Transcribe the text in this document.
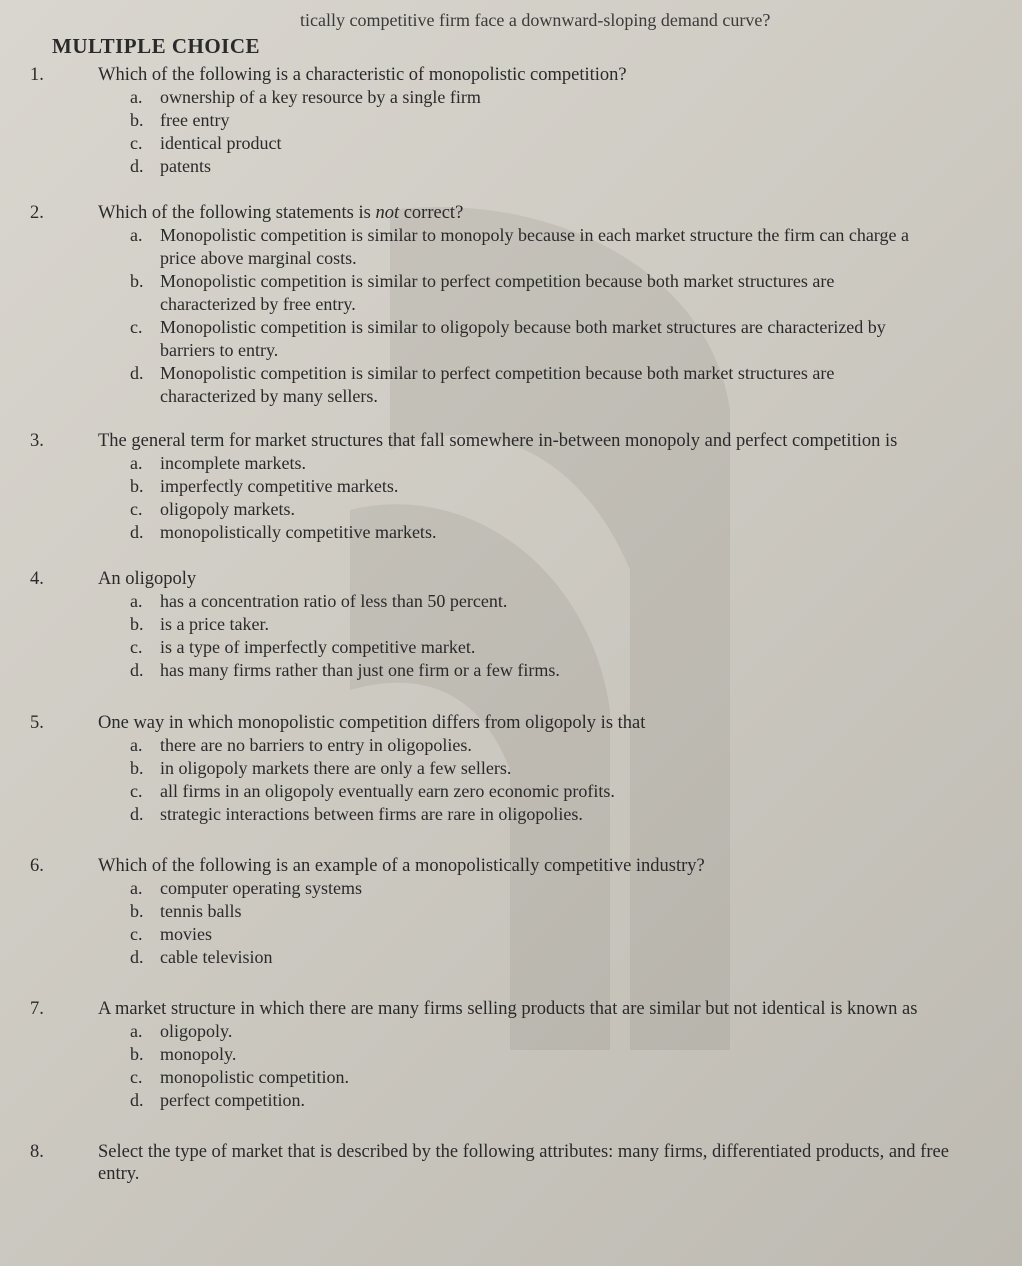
tically competitive firm face a downward-sloping demand curve?
MULTIPLE CHOICE
1.	Which of the following is a characteristic of monopolistic competition?
a. ownership of a key resource by a single firm
b. free entry
c. identical product
d. patents
2.	Which of the following statements is not correct?
a. Monopolistic competition is similar to monopoly because in each market structure the firm can charge a price above marginal costs.
b. Monopolistic competition is similar to perfect competition because both market structures are characterized by free entry.
c. Monopolistic competition is similar to oligopoly because both market structures are characterized by barriers to entry.
d. Monopolistic competition is similar to perfect competition because both market structures are characterized by many sellers.
3.	The general term for market structures that fall somewhere in-between monopoly and perfect competition is
a. incomplete markets.
b. imperfectly competitive markets.
c. oligopoly markets.
d. monopolistically competitive markets.
4.	An oligopoly
a. has a concentration ratio of less than 50 percent.
b. is a price taker.
c. is a type of imperfectly competitive market.
d. has many firms rather than just one firm or a few firms.
5.	One way in which monopolistic competition differs from oligopoly is that
a. there are no barriers to entry in oligopolies.
b. in oligopoly markets there are only a few sellers.
c. all firms in an oligopoly eventually earn zero economic profits.
d. strategic interactions between firms are rare in oligopolies.
6.	Which of the following is an example of a monopolistically competitive industry?
a. computer operating systems
b. tennis balls
c. movies
d. cable television
7.	A market structure in which there are many firms selling products that are similar but not identical is known as
a. oligopoly.
b. monopoly.
c. monopolistic competition.
d. perfect competition.
8.	Select the type of market that is described by the following attributes: many firms, differentiated products, and free entry.
